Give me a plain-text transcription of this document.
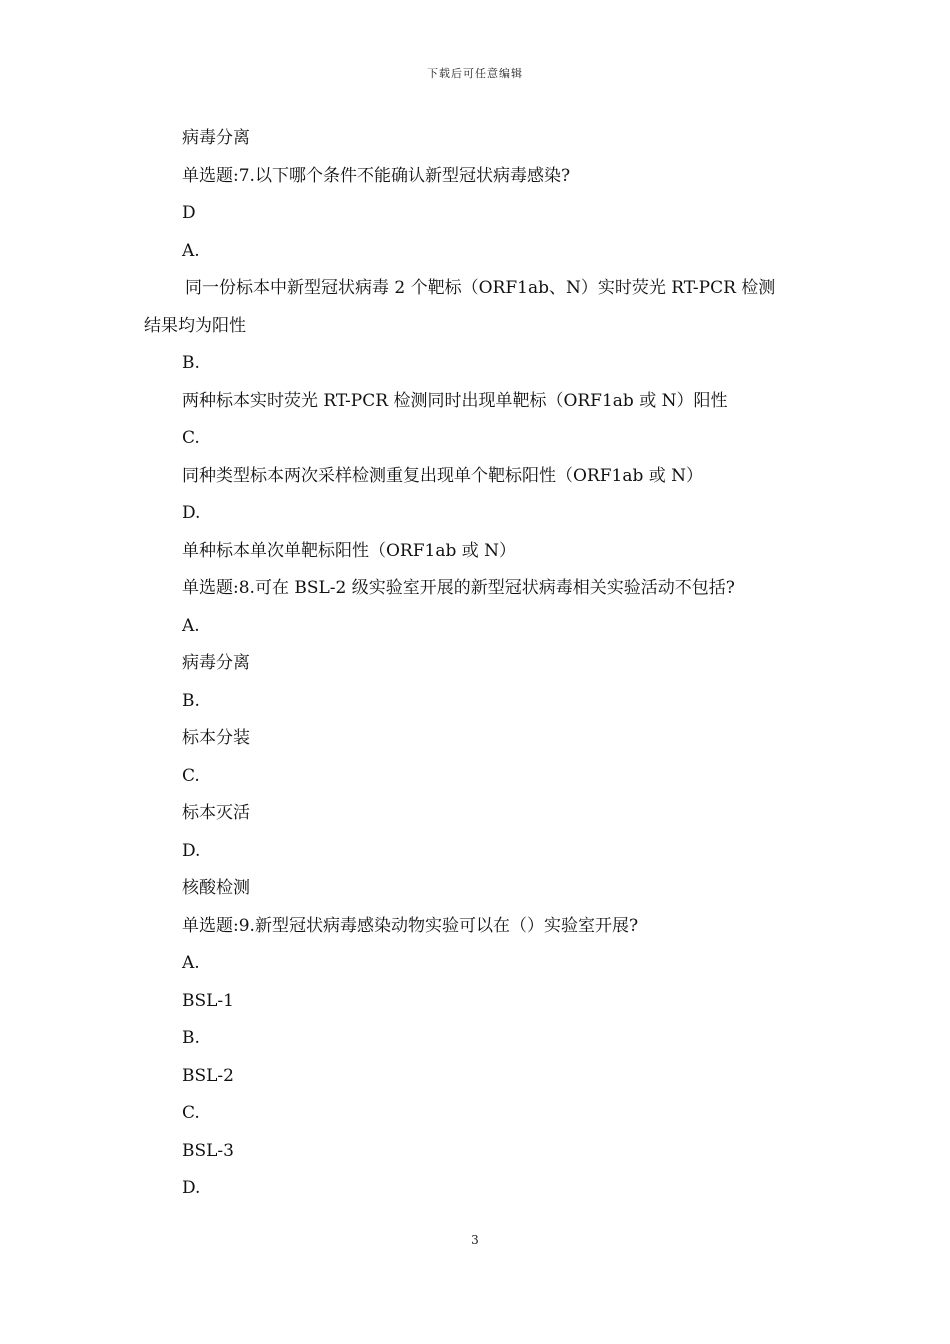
下载后可任意编辑
病毒分离
单选题:7.以下哪个条件不能确认新型冠状病毒感染?
D
A.
同一份标本中新型冠状病毒 2 个靶标（ORF1ab、N）实时荧光 RT-PCR 检测
结果均为阳性
B.
两种标本实时荧光 RT-PCR 检测同时出现单靶标（ORF1ab 或 N）阳性
C.
同种类型标本两次采样检测重复出现单个靶标阳性（ORF1ab 或 N）
D.
单种标本单次单靶标阳性（ORF1ab 或 N）
单选题:8.可在 BSL-2 级实验室开展的新型冠状病毒相关实验活动不包括?
A.
病毒分离
B.
标本分装
C.
标本灭活
D.
核酸检测
单选题:9.新型冠状病毒感染动物实验可以在（）实验室开展?
A.
BSL-1
B.
BSL-2
C.
BSL-3
D.
3
